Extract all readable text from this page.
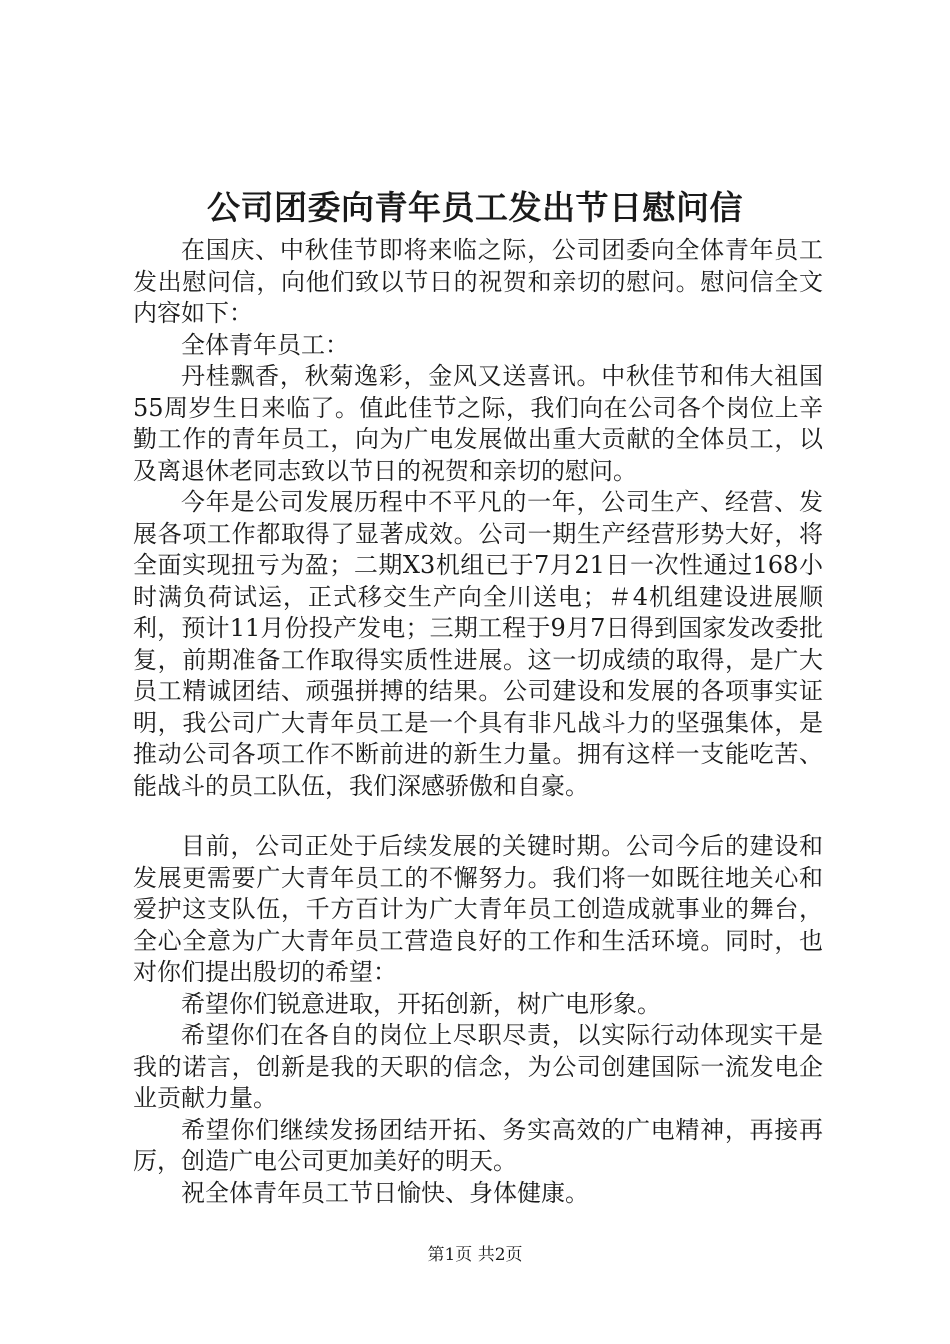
公司团委向青年员工发出节日慰问信

在国庆、中秋佳节即将来临之际，公司团委向全体青年员工发出慰问信，向他们致以节日的祝贺和亲切的慰问。慰问信全文内容如下：

全体青年员工：

丹桂飘香，秋菊逸彩，金风又送喜讯。中秋佳节和伟大祖国55周岁生日来临了。值此佳节之际，我们向在公司各个岗位上辛勤工作的青年员工，向为广电发展做出重大贡献的全体员工，以及离退休老同志致以节日的祝贺和亲切的慰问。

今年是公司发展历程中不平凡的一年，公司生产、经营、发展各项工作都取得了显著成效。公司一期生产经营形势大好，将全面实现扭亏为盈；二期X3机组已于7月21日一次性通过168小时满负荷试运，正式移交生产向全川送电；＃4机组建设进展顺利，预计11月份投产发电；三期工程于9月7日得到国家发改委批复，前期准备工作取得实质性进展。这一切成绩的取得，是广大员工精诚团结、顽强拼搏的结果。公司建设和发展的各项事实证明，我公司广大青年员工是一个具有非凡战斗力的坚强集体，是推动公司各项工作不断前进的新生力量。拥有这样一支能吃苦、能战斗的员工队伍，我们深感骄傲和自豪。

目前，公司正处于后续发展的关键时期。公司今后的建设和发展更需要广大青年员工的不懈努力。我们将一如既往地关心和爱护这支队伍，千方百计为广大青年员工创造成就事业的舞台，全心全意为广大青年员工营造良好的工作和生活环境。同时，也对你们提出殷切的希望：

希望你们锐意进取，开拓创新，树广电形象。

希望你们在各自的岗位上尽职尽责，以实际行动体现实干是我的诺言，创新是我的天职的信念，为公司创建国际一流发电企业贡献力量。

希望你们继续发扬团结开拓、务实高效的广电精神，再接再厉，创造广电公司更加美好的明天。

祝全体青年员工节日愉快、身体健康。

第1页 共2页
